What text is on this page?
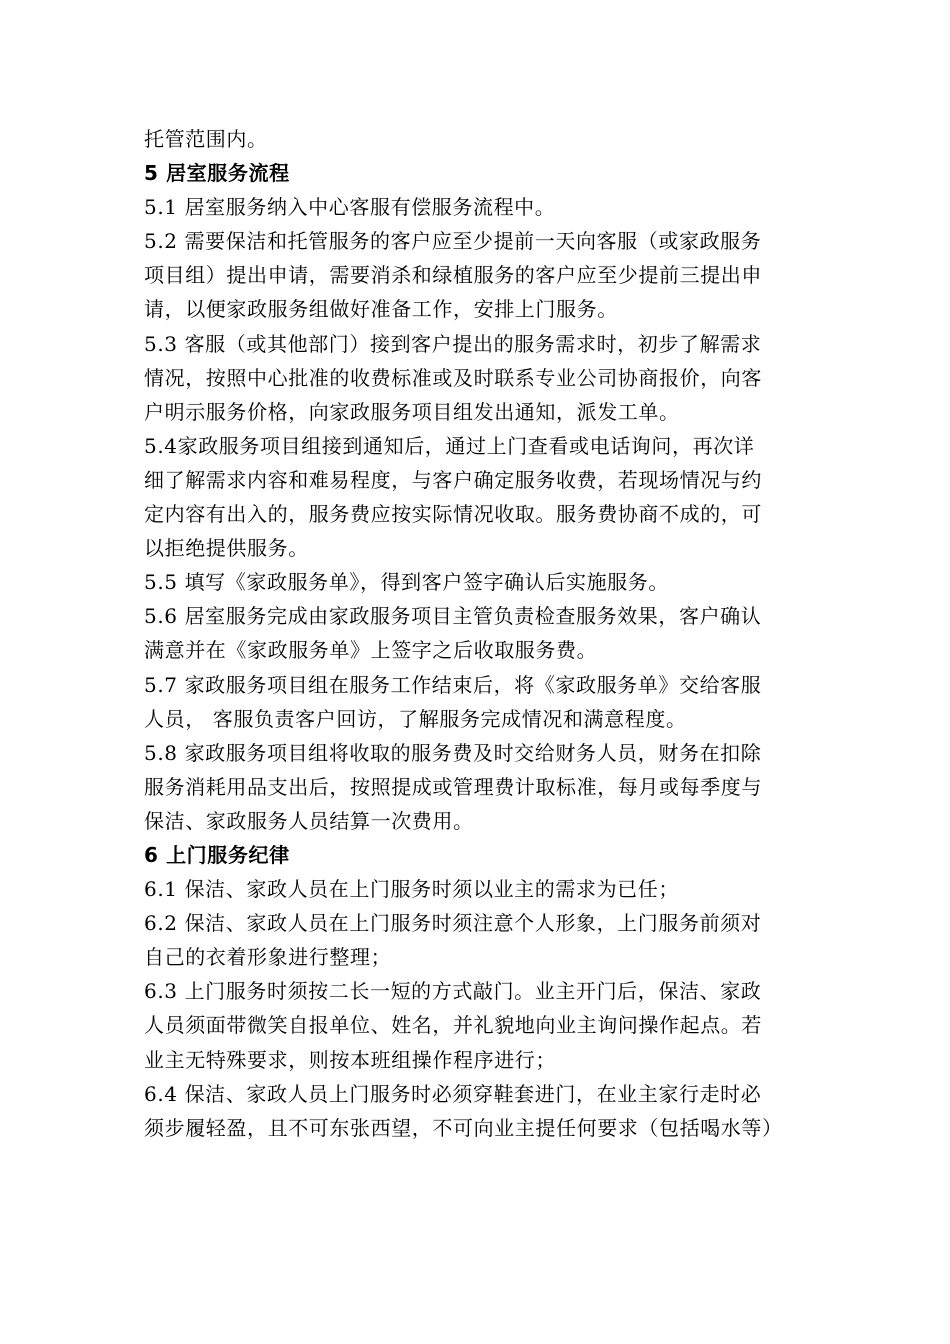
托管范围内。
5 居室服务流程
5.1 居室服务纳入中心客服有偿服务流程中。
5.2 需要保洁和托管服务的客户应至少提前一天向客服（或家政服务
项目组）提出申请，需要消杀和绿植服务的客户应至少提前三提出申
请，以便家政服务组做好准备工作，安排上门服务。
5.3 客服（或其他部门）接到客户提出的服务需求时，初步了解需求
情况，按照中心批准的收费标准或及时联系专业公司协商报价，向客
户明示服务价格，向家政服务项目组发出通知，派发工单。
5.4家政服务项目组接到通知后，通过上门查看或电话询问，再次详
细了解需求内容和难易程度，与客户确定服务收费，若现场情况与约
定内容有出入的，服务费应按实际情况收取。服务费协商不成的，可
以拒绝提供服务。
5.5 填写《家政服务单》，得到客户签字确认后实施服务。
5.6 居室服务完成由家政服务项目主管负责检查服务效果，客户确认
满意并在《家政服务单》上签字之后收取服务费。
5.7 家政服务项目组在服务工作结束后，将《家政服务单》交给客服
人员， 客服负责客户回访，了解服务完成情况和满意程度。
5.8 家政服务项目组将收取的服务费及时交给财务人员，财务在扣除
服务消耗用品支出后，按照提成或管理费计取标准，每月或每季度与
保洁、家政服务人员结算一次费用。
6 上门服务纪律
6.1 保洁、家政人员在上门服务时须以业主的需求为已任；
6.2 保洁、家政人员在上门服务时须注意个人形象，上门服务前须对
自己的衣着形象进行整理；
6.3 上门服务时须按二长一短的方式敲门。业主开门后，保洁、家政
人员须面带微笑自报单位、姓名，并礼貌地向业主询问操作起点。若
业主无特殊要求，则按本班组操作程序进行；
6.4 保洁、家政人员上门服务时必须穿鞋套进门，在业主家行走时必
须步履轻盈，且不可东张西望，不可向业主提任何要求（包括喝水等）
